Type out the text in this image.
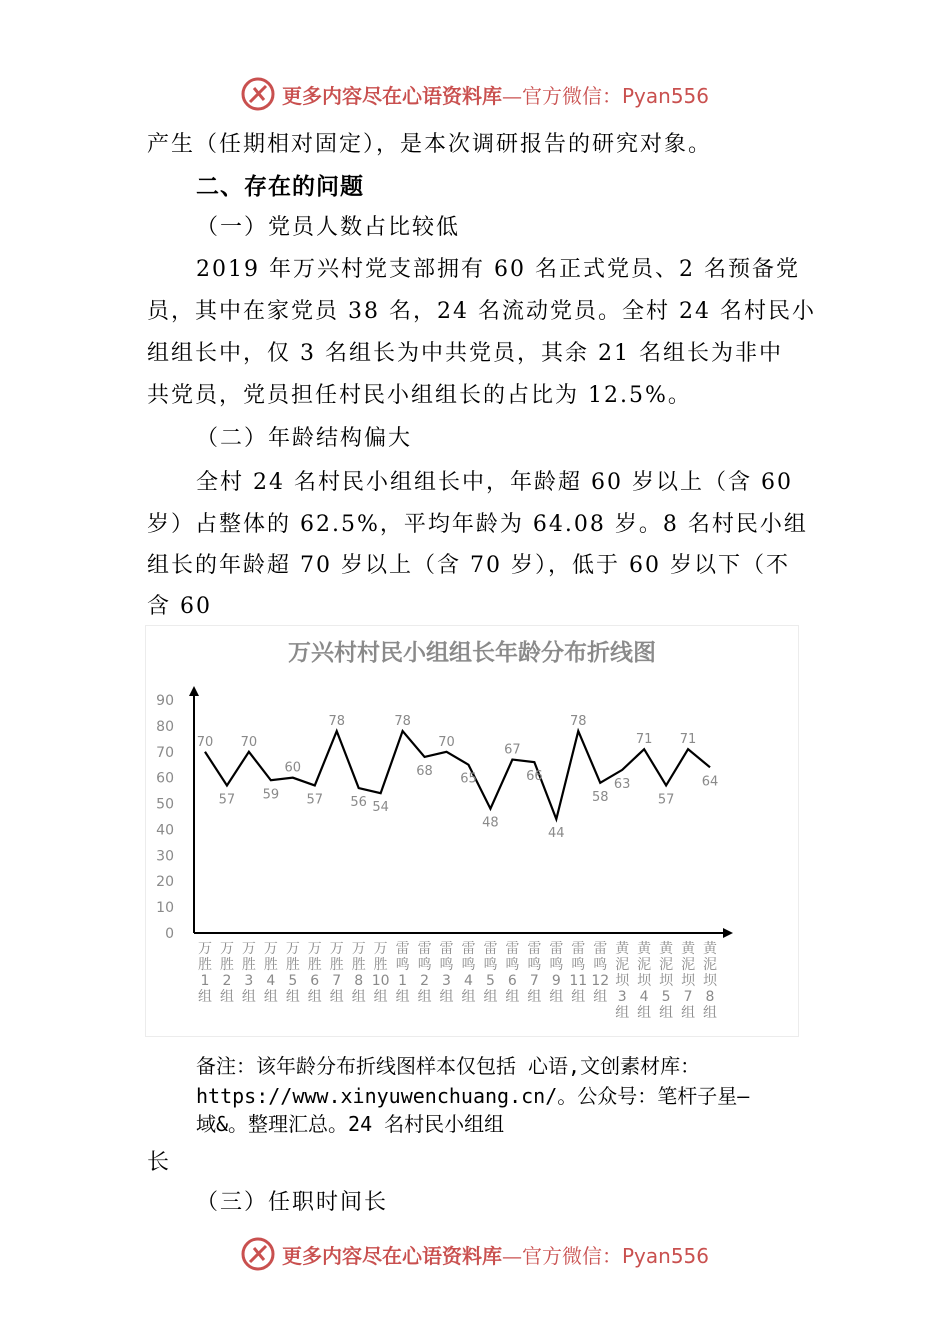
更多内容尽在心语资料库—官方微信：Pyan556
产生（任期相对固定），是本次调研报告的研究对象。
二、存在的问题
（一）党员人数占比较低
2019 年万兴村党支部拥有 60 名正式党员、2 名预备党
员，其中在家党员 38 名，24 名流动党员。全村 24 名村民小
组组长中，仅 3 名组长为中共党员，其余 21 名组长为非中
共党员，党员担任村民小组组长的占比为 12.5%。
（二）年龄结构偏大
全村 24 名村民小组组长中，年龄超 60 岁以上（含 60
岁）占整体的 62.5%，平均年龄为 64.08 岁。8 名村民小组
组长的年龄超 70 岁以上（含 70 岁），低于 60 岁以下（不
含 60
万兴村村民小组组长年龄分布折线图
0
10
20
30
40
50
60
70
80
90
70
57
70
59
60
57
78
56 54
78
68
70
65
48
67
66
44
78
58
63
71
57
71
64
万胜 1 组
万胜 2 组
万胜 3 组
万胜 4 组
万胜 5 组
万胜 6 组
万胜 7 组
万胜 8 组
万胜 10 组
雷鸣 1 组
雷鸣 2 组
雷鸣 3 组
雷鸣 4 组
雷鸣 5 组
雷鸣 6 组
雷鸣 7 组
雷鸣 9 组
雷鸣 11 组
雷鸣 12 组
黄泥坝 3 组
黄泥坝 4 组
黄泥坝 5 组
黄泥坝 7 组
黄泥坝 8 组
备注：该年龄分布折线图样本仅包括 心语,文创素材库：
https://www.xinyuwenchuang.cn/。公众号：笔杆子星—
域&。整理汇总。24 名村民小组组
长
（三）任职时间长
更多内容尽在心语资料库—官方微信：Pyan556
